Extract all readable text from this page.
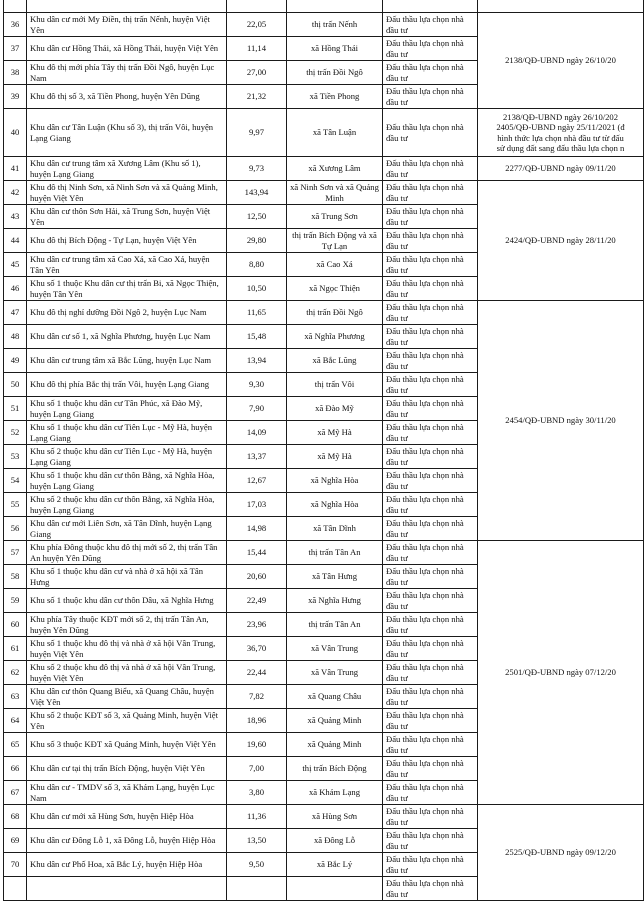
36	Khu dân cư mới My Điền, thị trấn Nếnh, huyện Việt Yên	22,05	thị trấn Nếnh	Đấu thầu lựa chọn nhà đầu tư	2138/QĐ-UBND ngày 26/10/20
37	Khu dân cư Hồng Thái, xã Hồng Thái, huyện Việt Yên	11,14	xã Hồng Thái	Đấu thầu lựa chọn nhà đầu tư	
38	Khu đô thị mới phía Tây thị trấn Đồi Ngô, huyện Lục Nam	27,00	thị trấn Đồi Ngô	Đấu thầu lựa chọn nhà đầu tư	
39	Khu đô thị số 3, xã Tiền Phong, huyện Yên Dũng	21,32	xã Tiền Phong	Đấu thầu lựa chọn nhà đầu tư	
40	Khu dân cư Tân Luận (Khu số 3), thị trấn Vôi, huyện Lạng Giang	9,97	xã Tân Luận	Đấu thầu lựa chọn nhà đầu tư	2138/QĐ-UBND ngày 26/10/202
2405/QĐ-UBND ngày 25/11/2021 (đ
hình thức lựa chọn nhà đầu tư từ đấu
sử dụng đất sang đấu thầu lựa chọn n
41	Khu dân cư trung tâm xã Xương Lâm (Khu số 1), huyện Lạng Giang	9,73	xã Xương Lâm	Đấu thầu lựa chọn nhà đầu tư	2277/QĐ-UBND ngày 09/11/20
42	Khu đô thị Ninh Sơn, xã Ninh Sơn và xã Quảng Minh, huyện Việt Yên	143,94	xã Ninh Sơn và xã Quảng Minh	Đấu thầu lựa chọn nhà đầu tư	2424/QĐ-UBND ngày 28/11/20
43	Khu dân cư thôn Sơn Hải, xã Trung Sơn, huyện Việt Yên	12,50	xã Trung Sơn	Đấu thầu lựa chọn nhà đầu tư	
44	Khu đô thị Bích Động - Tự Lạn, huyện Việt Yên	29,80	thị trấn Bích Động và xã Tự Lạn	Đấu thầu lựa chọn nhà đầu tư	
45	Khu dân cư trung tâm xã Cao Xá, xã Cao Xá, huyện Tân Yên	8,80	xã Cao Xá	Đấu thầu lựa chọn nhà đầu tư	
46	Khu số 1 thuộc Khu dân cư thị trấn Bi, xã Ngọc Thiện, huyện Tân Yên	10,50	xã Ngọc Thiện	Đấu thầu lựa chọn nhà đầu tư	
47	Khu đô thị nghỉ dưỡng Đồi Ngô 2, huyện Lục Nam	11,65	thị trấn Đồi Ngô	Đấu thầu lựa chọn nhà đầu tư	2454/QĐ-UBND ngày 30/11/20
48	Khu dân cư số 1, xã Nghĩa Phương, huyện Lục Nam	15,48	xã Nghĩa Phương	Đấu thầu lựa chọn nhà đầu tư	
49	Khu dân cư trung tâm xã Bắc Lũng, huyện Lục Nam	13,94	xã Bắc Lũng	Đấu thầu lựa chọn nhà đầu tư	
50	Khu đô thị phía Bắc thị trấn Vôi, huyện Lạng Giang	9,30	thị trấn Vôi	Đấu thầu lựa chọn nhà đầu tư	
51	Khu số 1 thuộc khu dân cư Tân Phúc, xã Đào Mỹ, huyện Lạng Giang	7,90	xã Đào Mỹ	Đấu thầu lựa chọn nhà đầu tư	
52	Khu số 1 thuộc khu dân cư Tiên Lục - Mỹ Hà, huyện Lạng Giang	14,09	xã Mỹ Hà	Đấu thầu lựa chọn nhà đầu tư	
53	Khu số 2 thuộc khu dân cư Tiên Lục - Mỹ Hà, huyện Lạng Giang	13,37	xã Mỹ Hà	Đấu thầu lựa chọn nhà đầu tư	
54	Khu số 1 thuộc khu dân cư thôn Bằng, xã Nghĩa Hòa, huyện Lạng Giang	12,67	xã Nghĩa Hòa	Đấu thầu lựa chọn nhà đầu tư	
55	Khu số 2 thuộc khu dân cư thôn Bằng, xã Nghĩa Hòa, huyện Lạng Giang	17,03	xã Nghĩa Hòa	Đấu thầu lựa chọn nhà đầu tư	
56	Khu dân cư mới Liên Sơn, xã Tân Dĩnh, huyện Lạng Giang	14,98	xã Tân Dĩnh	Đấu thầu lựa chọn nhà đầu tư	
57	Khu phía Đông thuộc khu đô thị mới số 2, thị trấn Tân An huyện Yên Dũng	15,44	thị trấn Tân An	Đấu thầu lựa chọn nhà đầu tư	2501/QĐ-UBND ngày 07/12/20
58	Khu số 1 thuộc khu dân cư và nhà ở xã hội xã Tân Hưng	20,60	xã Tân Hưng	Đấu thầu lựa chọn nhà đầu tư	
59	Khu số 1 thuộc khu dân cư thôn Dâu, xã Nghĩa Hưng	22,49	xã Nghĩa Hưng	Đấu thầu lựa chọn nhà đầu tư	
60	Khu phía Tây thuộc KĐT mới số 2, thị trấn Tân An, huyện Yên Dũng	23,96	thị trấn Tân An	Đấu thầu lựa chọn nhà đầu tư	
61	Khu số 1 thuộc khu đô thị và nhà ở xã hội Vân Trung, huyện Việt Yên	36,70	xã Vân Trung	Đấu thầu lựa chọn nhà đầu tư	
62	Khu số 2 thuộc khu đô thị và nhà ở xã hội Vân Trung, huyện Việt Yên	22,44	xã Vân Trung	Đấu thầu lựa chọn nhà đầu tư	
63	Khu dân cư thôn Quang Biểu, xã Quang Châu, huyện Việt Yên	7,82	xã Quang Châu	Đấu thầu lựa chọn nhà đầu tư	
64	Khu số 2 thuộc KĐT số 3, xã Quảng Minh, huyện Việt Yên	18,96	xã Quảng Minh	Đấu thầu lựa chọn nhà đầu tư	
65	Khu số 3 thuộc KĐT xã Quảng Minh, huyện Việt Yên	19,60	xã Quảng Minh	Đấu thầu lựa chọn nhà đầu tư	
66	Khu dân cư tại thị trấn Bích Động, huyện Việt Yên	7,00	thị trấn Bích Động	Đấu thầu lựa chọn nhà đầu tư	
67	Khu dân cư - TMDV số 3, xã Khám Lạng, huyện Lục Nam	3,80	xã Khám Lạng	Đấu thầu lựa chọn nhà đầu tư	
68	Khu dân cư mới xã Hùng Sơn, huyện Hiệp Hòa	11,36	xã Hùng Sơn	Đấu thầu lựa chọn nhà đầu tư	2525/QĐ-UBND ngày 09/12/20
69	Khu dân cư Đông Lỗ 1, xã Đông Lỗ, huyện Hiệp Hòa	13,50	xã Đông Lỗ	Đấu thầu lựa chọn nhà đầu tư	
70	Khu dân cư Phố Hoa, xã Bắc Lý, huyện Hiệp Hòa	9,50	xã Bắc Lý	Đấu thầu lựa chọn nhà đầu tư	
				Đấu thầu lựa chọn nhà đầu tư	
